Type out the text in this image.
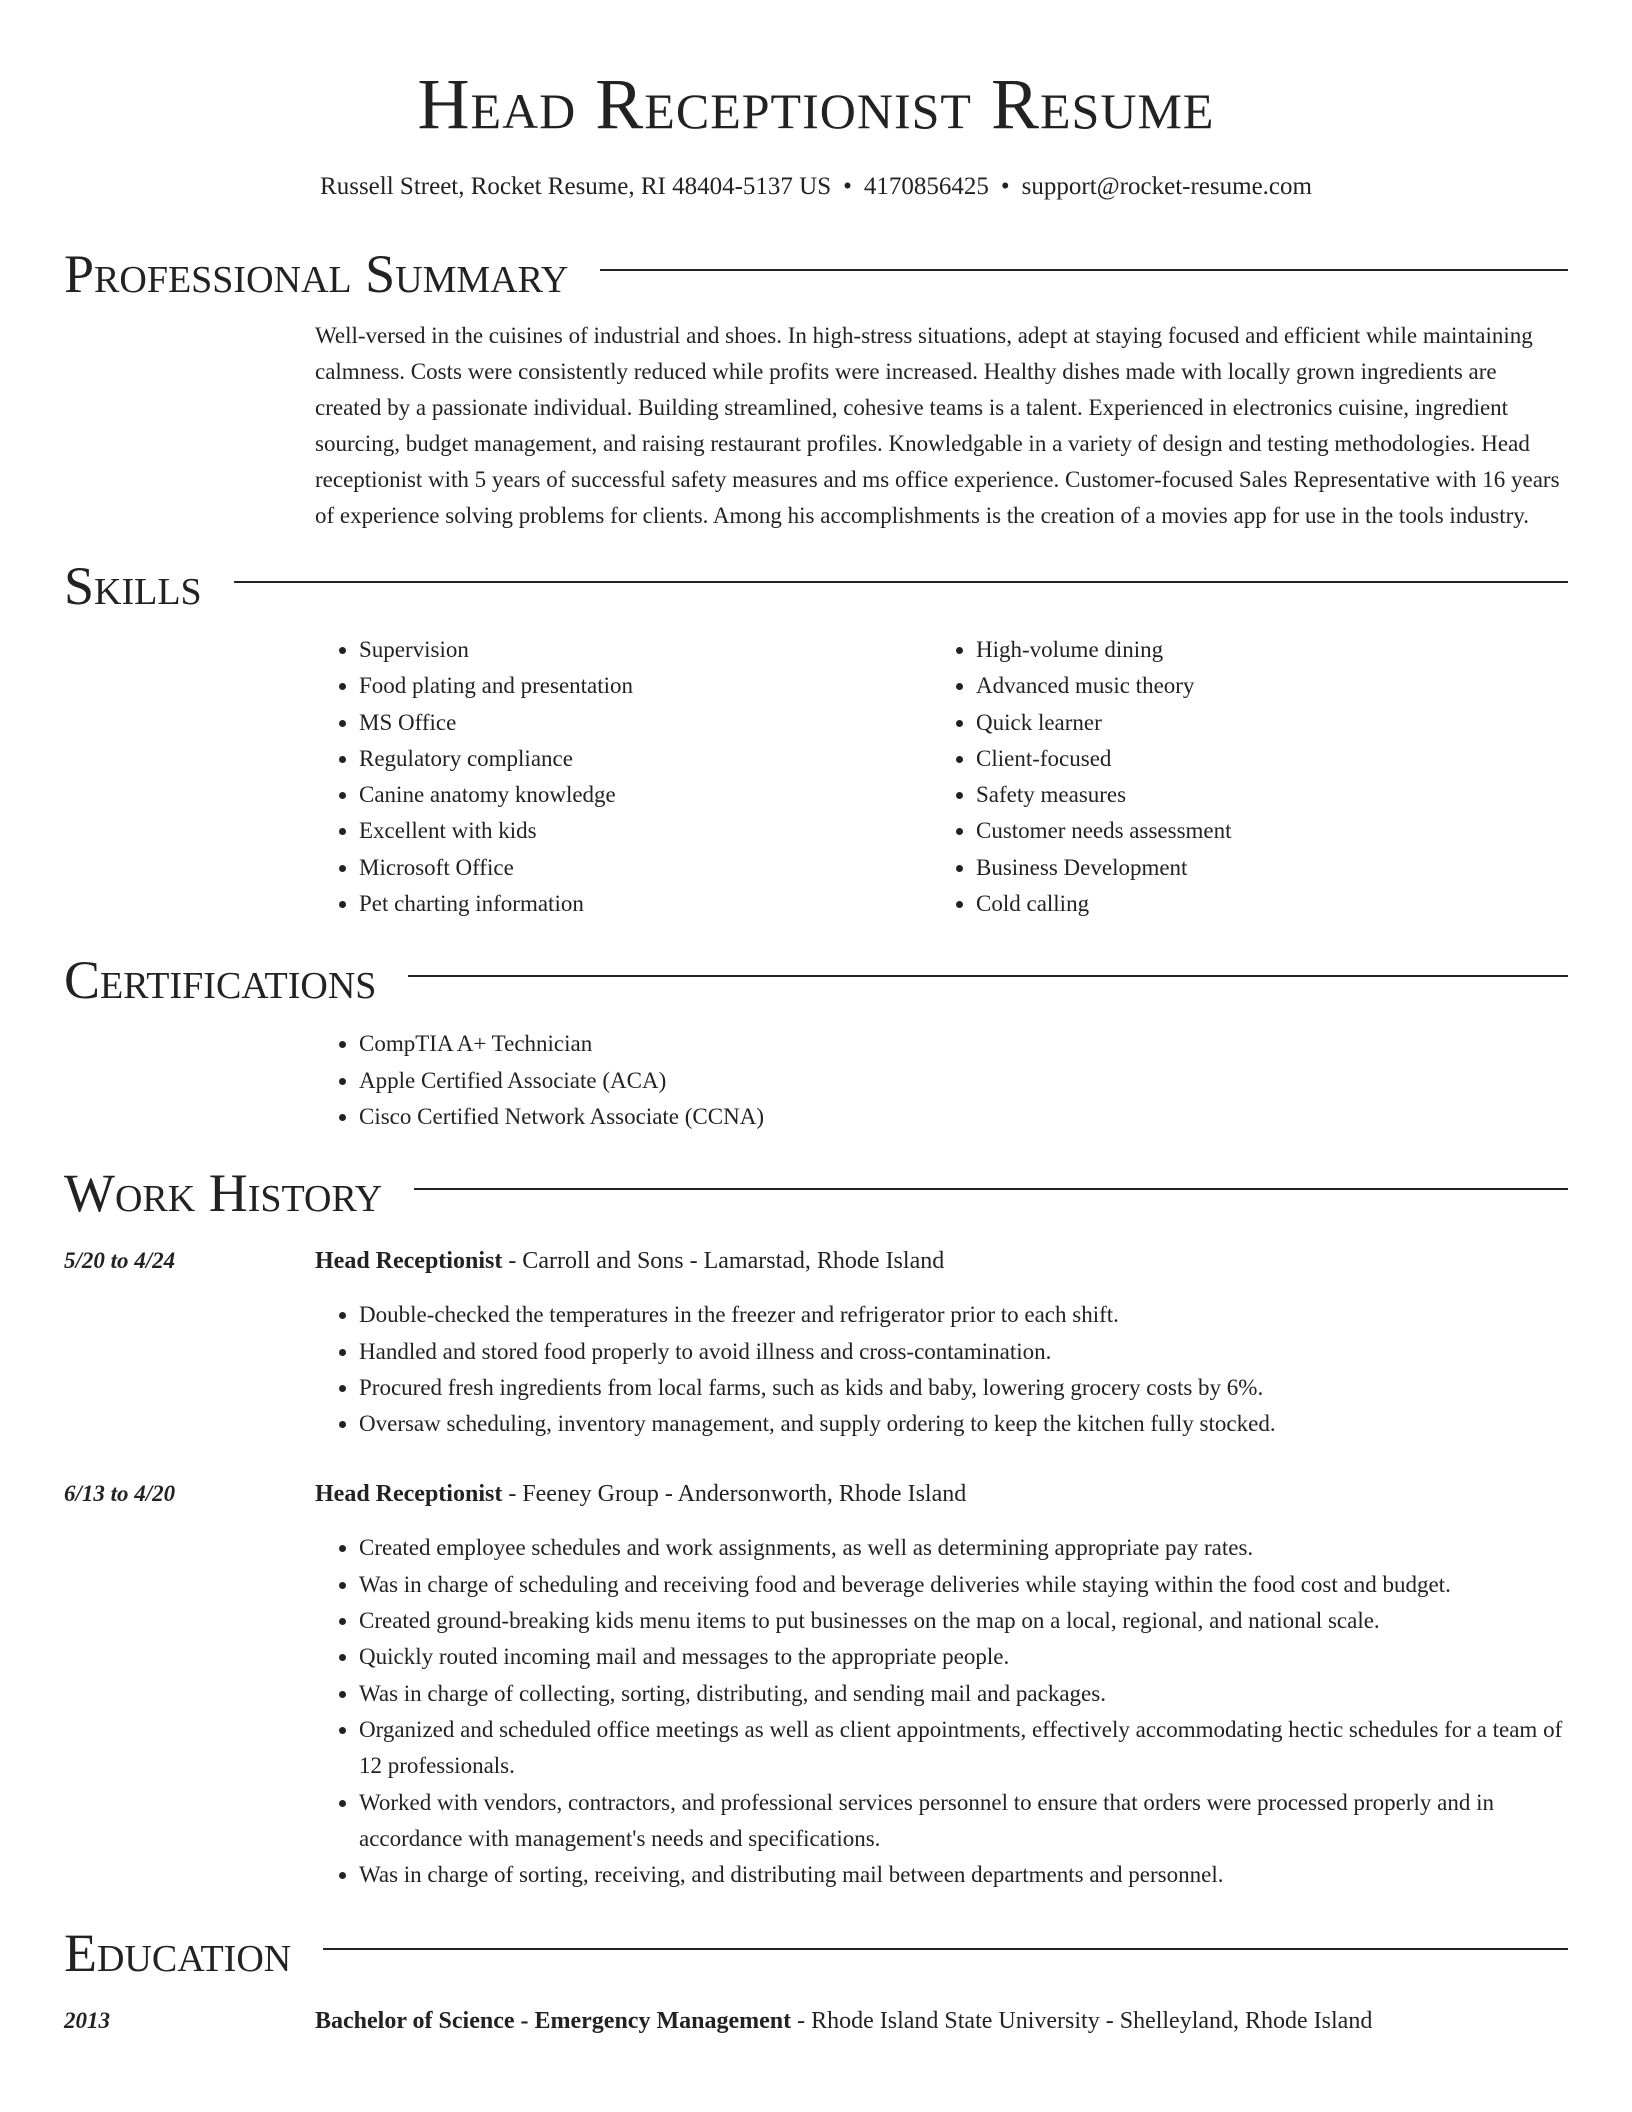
Head Receptionist Resume
Russell Street, Rocket Resume, RI 48404-5137 US • 4170856425 • support@rocket-resume.com
Professional Summary
Well-versed in the cuisines of industrial and shoes. In high-stress situations, adept at staying focused and efficient while maintaining calmness. Costs were consistently reduced while profits were increased. Healthy dishes made with locally grown ingredients are created by a passionate individual. Building streamlined, cohesive teams is a talent. Experienced in electronics cuisine, ingredient sourcing, budget management, and raising restaurant profiles. Knowledgable in a variety of design and testing methodologies. Head receptionist with 5 years of successful safety measures and ms office experience. Customer-focused Sales Representative with 16 years of experience solving problems for clients. Among his accomplishments is the creation of a movies app for use in the tools industry.
Skills
• Supervision
• Food plating and presentation
• MS Office
• Regulatory compliance
• Canine anatomy knowledge
• Excellent with kids
• Microsoft Office
• Pet charting information
• High-volume dining
• Advanced music theory
• Quick learner
• Client-focused
• Safety measures
• Customer needs assessment
• Business Development
• Cold calling
Certifications
• CompTIA A+ Technician
• Apple Certified Associate (ACA)
• Cisco Certified Network Associate (CCNA)
Work History
5/20 to 4/24	Head Receptionist - Carroll and Sons - Lamarstad, Rhode Island
• Double-checked the temperatures in the freezer and refrigerator prior to each shift.
• Handled and stored food properly to avoid illness and cross-contamination.
• Procured fresh ingredients from local farms, such as kids and baby, lowering grocery costs by 6%.
• Oversaw scheduling, inventory management, and supply ordering to keep the kitchen fully stocked.
6/13 to 4/20	Head Receptionist - Feeney Group - Andersonworth, Rhode Island
• Created employee schedules and work assignments, as well as determining appropriate pay rates.
• Was in charge of scheduling and receiving food and beverage deliveries while staying within the food cost and budget.
• Created ground-breaking kids menu items to put businesses on the map on a local, regional, and national scale.
• Quickly routed incoming mail and messages to the appropriate people.
• Was in charge of collecting, sorting, distributing, and sending mail and packages.
• Organized and scheduled office meetings as well as client appointments, effectively accommodating hectic schedules for a team of 12 professionals.
• Worked with vendors, contractors, and professional services personnel to ensure that orders were processed properly and in accordance with management's needs and specifications.
• Was in charge of sorting, receiving, and distributing mail between departments and personnel.
Education
2013	Bachelor of Science - Emergency Management - Rhode Island State University - Shelleyland, Rhode Island
